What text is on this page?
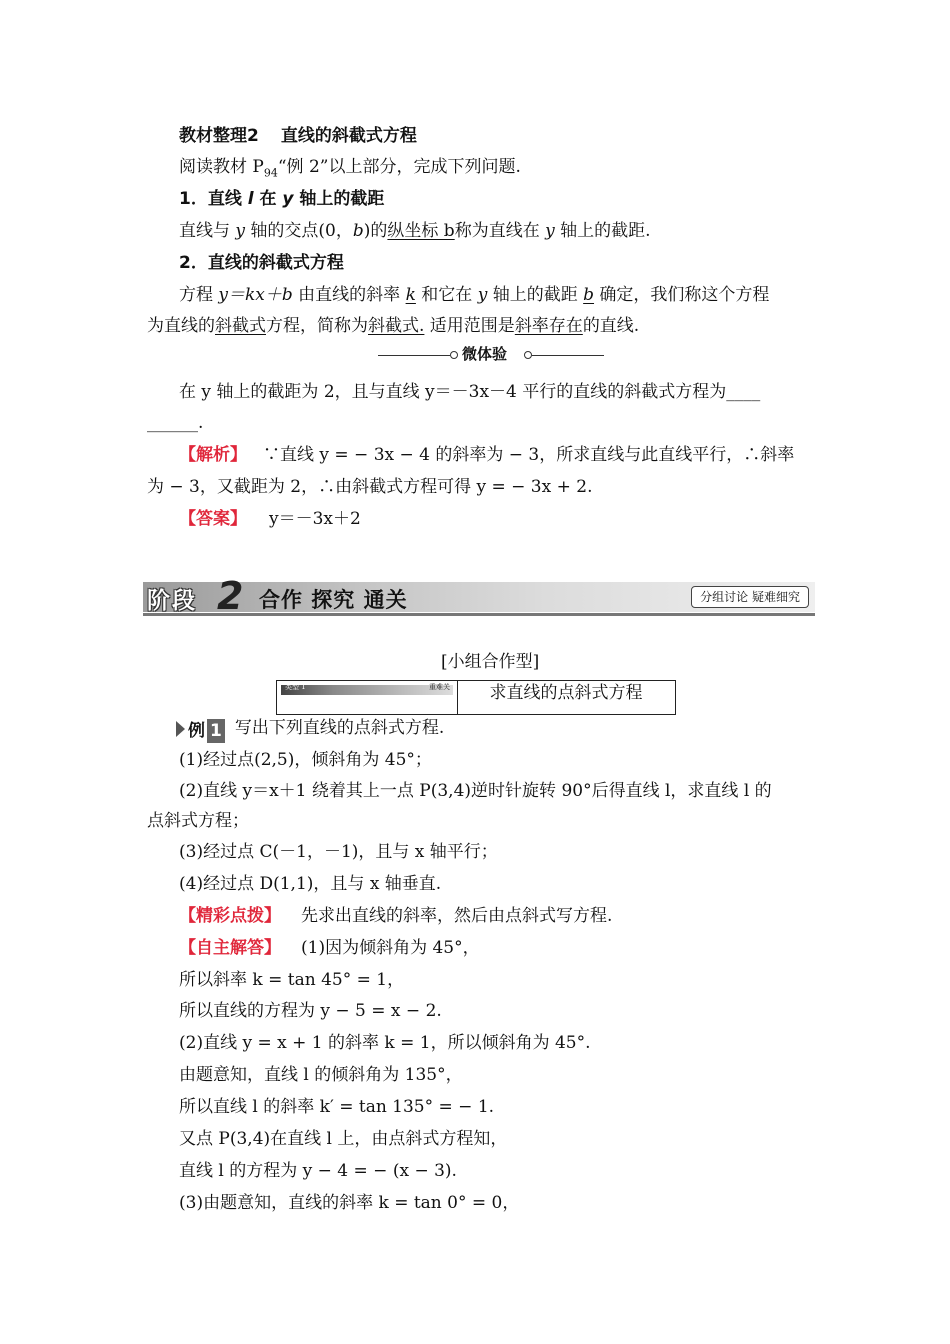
教材整理2 直线的斜截式方程
阅读教材 $P_{94}“$例 2”以上部分，完成下列问题.
1．直线 l 在 y 轴上的截距
直线与 y 轴的交点(0，b)的纵坐标 b称为直线在 y 轴上的截距.
2．直线的斜截式方程
方程 y＝kx＋b 由直线的斜率 k 和它在 y 轴上的截距 b 确定，我们称这个方程
为直线的斜截式方程，简称为斜截式. 适用范围是斜率存在的直线.
微体验
在 y 轴上的截距为 2，且与直线 y＝－3x－4 平行的直线的斜截式方程为____
______.
【解析】 ∵直线 y = − 3x − 4 的斜率为 − 3，所求直线与此直线平行，∴斜率
为 − 3，又截距为 2，∴由斜截式方程可得 y = − 3x + 2.
【答案】 y＝－3x＋2
阶段 2 合作 探究 通关	分组讨论 疑难细究
[小组合作型]
类型 1	重难关	求直线的点斜式方程
例 1 写出下列直线的点斜式方程.
(1)经过点(2,5)，倾斜角为 45°；
(2)直线 y＝x＋1 绕着其上一点 P(3,4)逆时针旋转 90°后得直线 l，求直线 l 的
点斜式方程；
(3)经过点 C(－1，－1)，且与 x 轴平行；
(4)经过点 D(1,1)，且与 x 轴垂直.
【精彩点拨】 先求出直线的斜率，然后由点斜式写方程.
【自主解答】 (1)因为倾斜角为 45°，
所以斜率 k = tan 45° = 1，
所以直线的方程为 y − 5 = x − 2.
(2)直线 y = x + 1 的斜率 k = 1，所以倾斜角为 45°.
由题意知，直线 l 的倾斜角为 135°，
所以直线 l 的斜率 k′ = tan 135° = − 1.
又点 P(3,4)在直线 l 上，由点斜式方程知，
直线 l 的方程为 y − 4 = − (x − 3).
(3)由题意知，直线的斜率 k = tan 0° = 0，
